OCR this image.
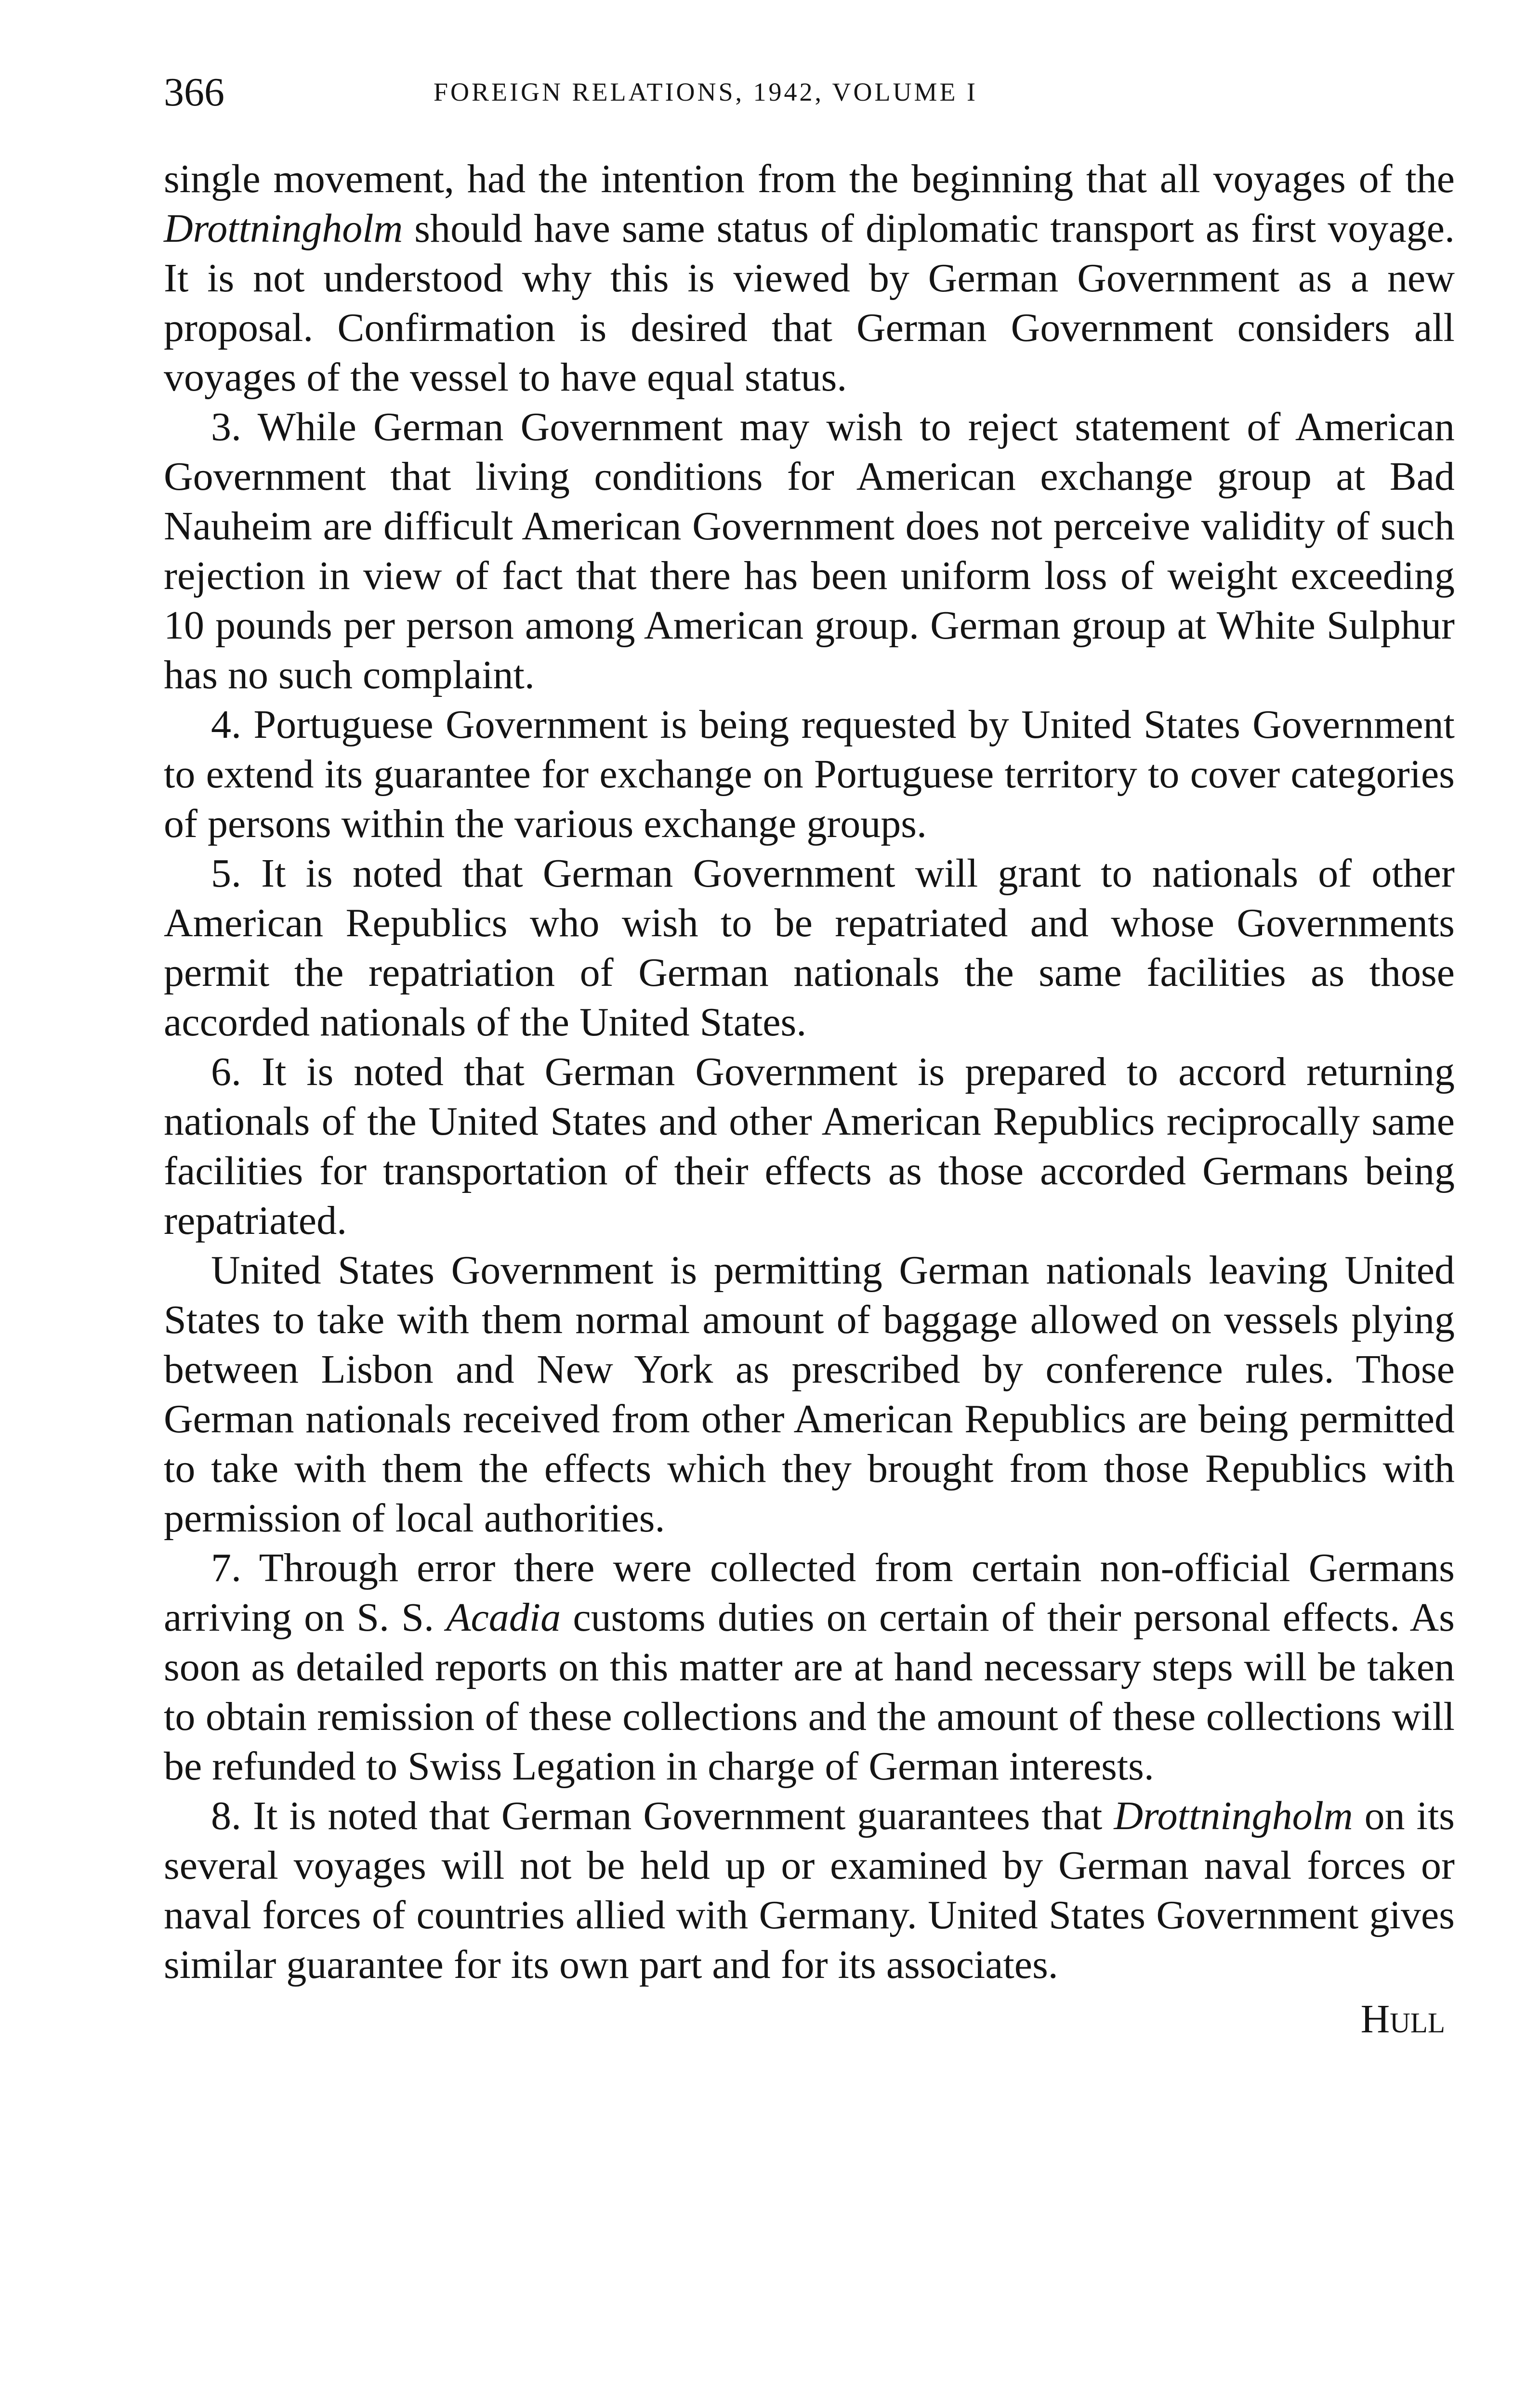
366	FOREIGN RELATIONS, 1942, VOLUME I

single movement, had the intention from the beginning that all voyages of the Drottningholm should have same status of diplomatic transport as first voyage. It is not understood why this is viewed by German Government as a new proposal. Confirmation is desired that German Government considers all voyages of the vessel to have equal status.

3. While German Government may wish to reject statement of American Government that living conditions for American exchange group at Bad Nauheim are difficult American Government does not perceive validity of such rejection in view of fact that there has been uniform loss of weight exceeding 10 pounds per person among American group. German group at White Sulphur has no such complaint.

4. Portuguese Government is being requested by United States Government to extend its guarantee for exchange on Portuguese territory to cover categories of persons within the various exchange groups.

5. It is noted that German Government will grant to nationals of other American Republics who wish to be repatriated and whose Governments permit the repatriation of German nationals the same facilities as those accorded nationals of the United States.

6. It is noted that German Government is prepared to accord returning nationals of the United States and other American Republics reciprocally same facilities for transportation of their effects as those accorded Germans being repatriated.

United States Government is permitting German nationals leaving United States to take with them normal amount of baggage allowed on vessels plying between Lisbon and New York as prescribed by conference rules. Those German nationals received from other American Republics are being permitted to take with them the effects which they brought from those Republics with permission of local authorities.

7. Through error there were collected from certain non-official Germans arriving on S. S. Acadia customs duties on certain of their personal effects. As soon as detailed reports on this matter are at hand necessary steps will be taken to obtain remission of these collections and the amount of these collections will be refunded to Swiss Legation in charge of German interests.

8. It is noted that German Government guarantees that Drottningholm on its several voyages will not be held up or examined by German naval forces or naval forces of countries allied with Germany. United States Government gives similar guarantee for its own part and for its associates.

Hull
